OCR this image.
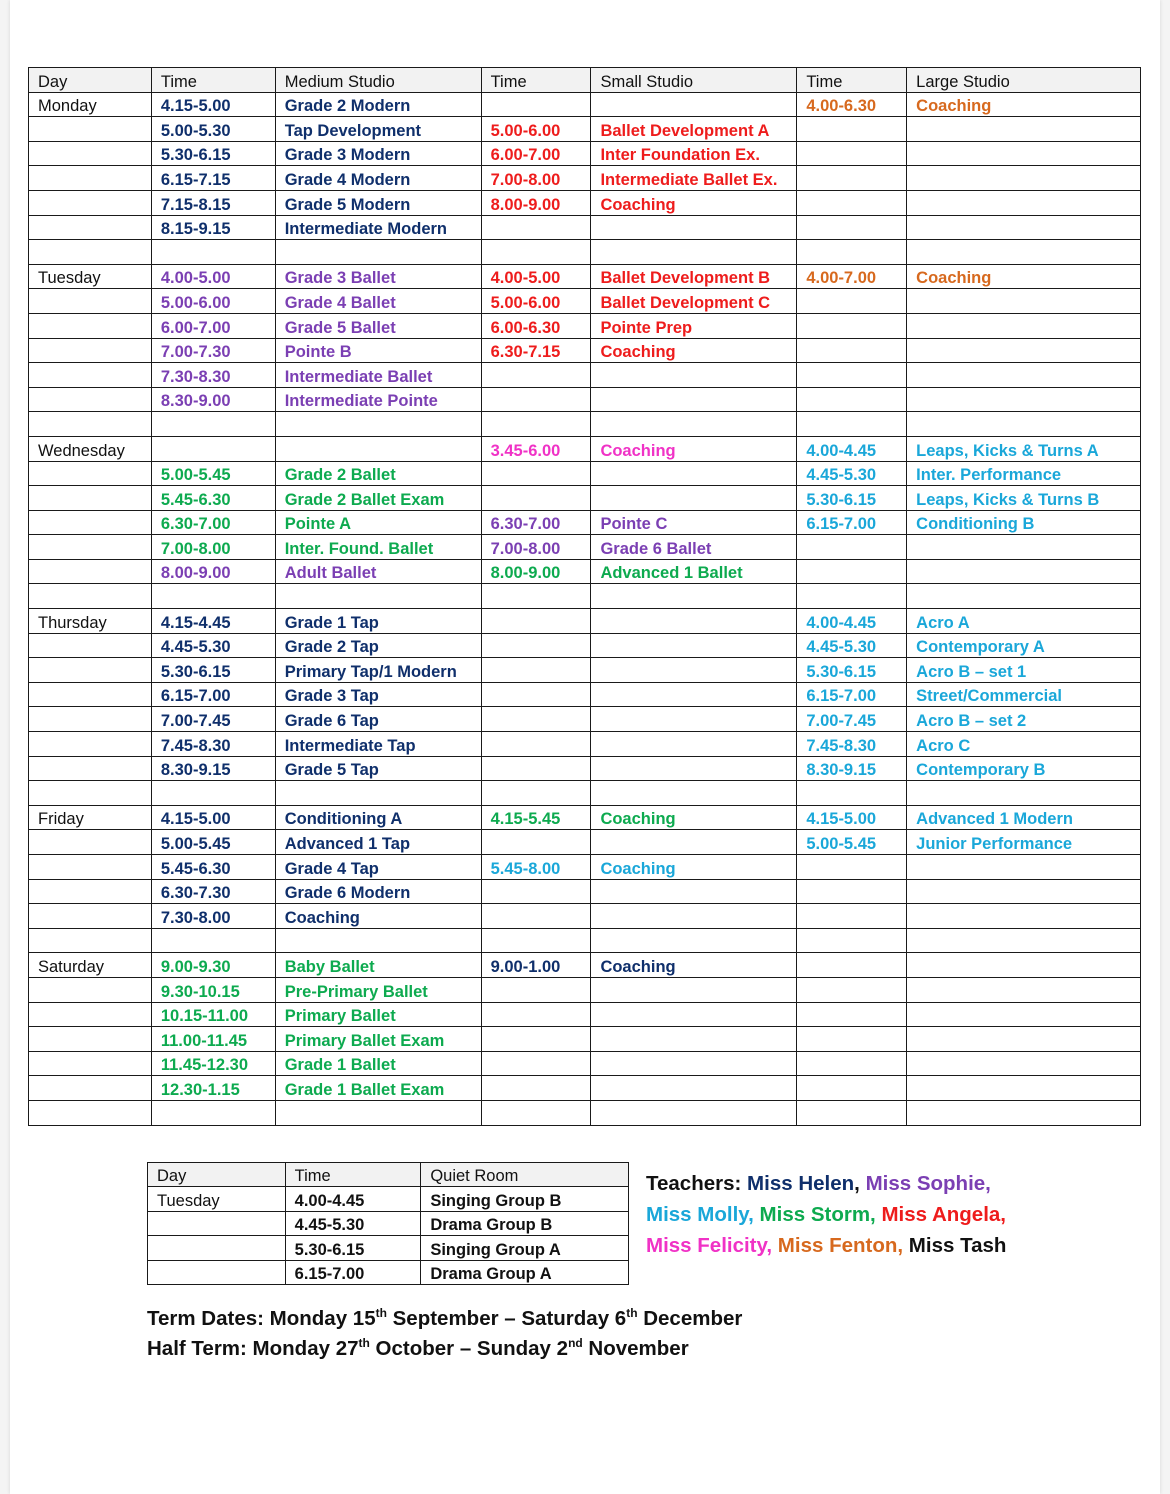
Day	Time	Medium Studio	Time	Small Studio	Time	Large Studio
Monday	4.15-5.00	Grade 2 Modern			4.00-6.30	Coaching
	5.00-5.30	Tap Development	5.00-6.00	Ballet Development A		
	5.30-6.15	Grade 3 Modern	6.00-7.00	Inter Foundation Ex.		
	6.15-7.15	Grade 4 Modern	7.00-8.00	Intermediate Ballet Ex.		
	7.15-8.15	Grade 5 Modern	8.00-9.00	Coaching		
	8.15-9.15	Intermediate Modern				

Tuesday	4.00-5.00	Grade 3 Ballet	4.00-5.00	Ballet Development B	4.00-7.00	Coaching
	5.00-6.00	Grade 4 Ballet	5.00-6.00	Ballet Development C		
	6.00-7.00	Grade 5 Ballet	6.00-6.30	Pointe Prep		
	7.00-7.30	Pointe B	6.30-7.15	Coaching		
	7.30-8.30	Intermediate Ballet				
	8.30-9.00	Intermediate Pointe				

Wednesday			3.45-6.00	Coaching	4.00-4.45	Leaps, Kicks & Turns A
	5.00-5.45	Grade 2 Ballet			4.45-5.30	Inter. Performance
	5.45-6.30	Grade 2 Ballet Exam			5.30-6.15	Leaps, Kicks & Turns B
	6.30-7.00	Pointe A	6.30-7.00	Pointe C	6.15-7.00	Conditioning B
	7.00-8.00	Inter. Found. Ballet	7.00-8.00	Grade 6 Ballet		
	8.00-9.00	Adult Ballet	8.00-9.00	Advanced 1 Ballet		

Thursday	4.15-4.45	Grade 1 Tap			4.00-4.45	Acro A
	4.45-5.30	Grade 2 Tap			4.45-5.30	Contemporary A
	5.30-6.15	Primary Tap/1 Modern			5.30-6.15	Acro B – set 1
	6.15-7.00	Grade 3 Tap			6.15-7.00	Street/Commercial
	7.00-7.45	Grade 6 Tap			7.00-7.45	Acro B – set 2
	7.45-8.30	Intermediate Tap			7.45-8.30	Acro C
	8.30-9.15	Grade 5 Tap			8.30-9.15	Contemporary B

Friday	4.15-5.00	Conditioning A	4.15-5.45	Coaching	4.15-5.00	Advanced 1 Modern
	5.00-5.45	Advanced 1 Tap			5.00-5.45	Junior Performance
	5.45-6.30	Grade 4 Tap	5.45-8.00	Coaching		
	6.30-7.30	Grade 6 Modern				
	7.30-8.00	Coaching				

Saturday	9.00-9.30	Baby Ballet	9.00-1.00	Coaching		
	9.30-10.15	Pre-Primary Ballet				
	10.15-11.00	Primary Ballet				
	11.00-11.45	Primary Ballet Exam				
	11.45-12.30	Grade 1 Ballet				
	12.30-1.15	Grade 1 Ballet Exam				

Day	Time	Quiet Room
Tuesday	4.00-4.45	Singing Group B
	4.45-5.30	Drama Group B
	5.30-6.15	Singing Group A
	6.15-7.00	Drama Group A
Teachers: Miss Helen, Miss Sophie,
Miss Molly, Miss Storm, Miss Angela,
Miss Felicity, Miss Fenton, Miss Tash
Term Dates: Monday 15th September – Saturday 6th December
Half Term: Monday 27th October – Sunday 2nd November
